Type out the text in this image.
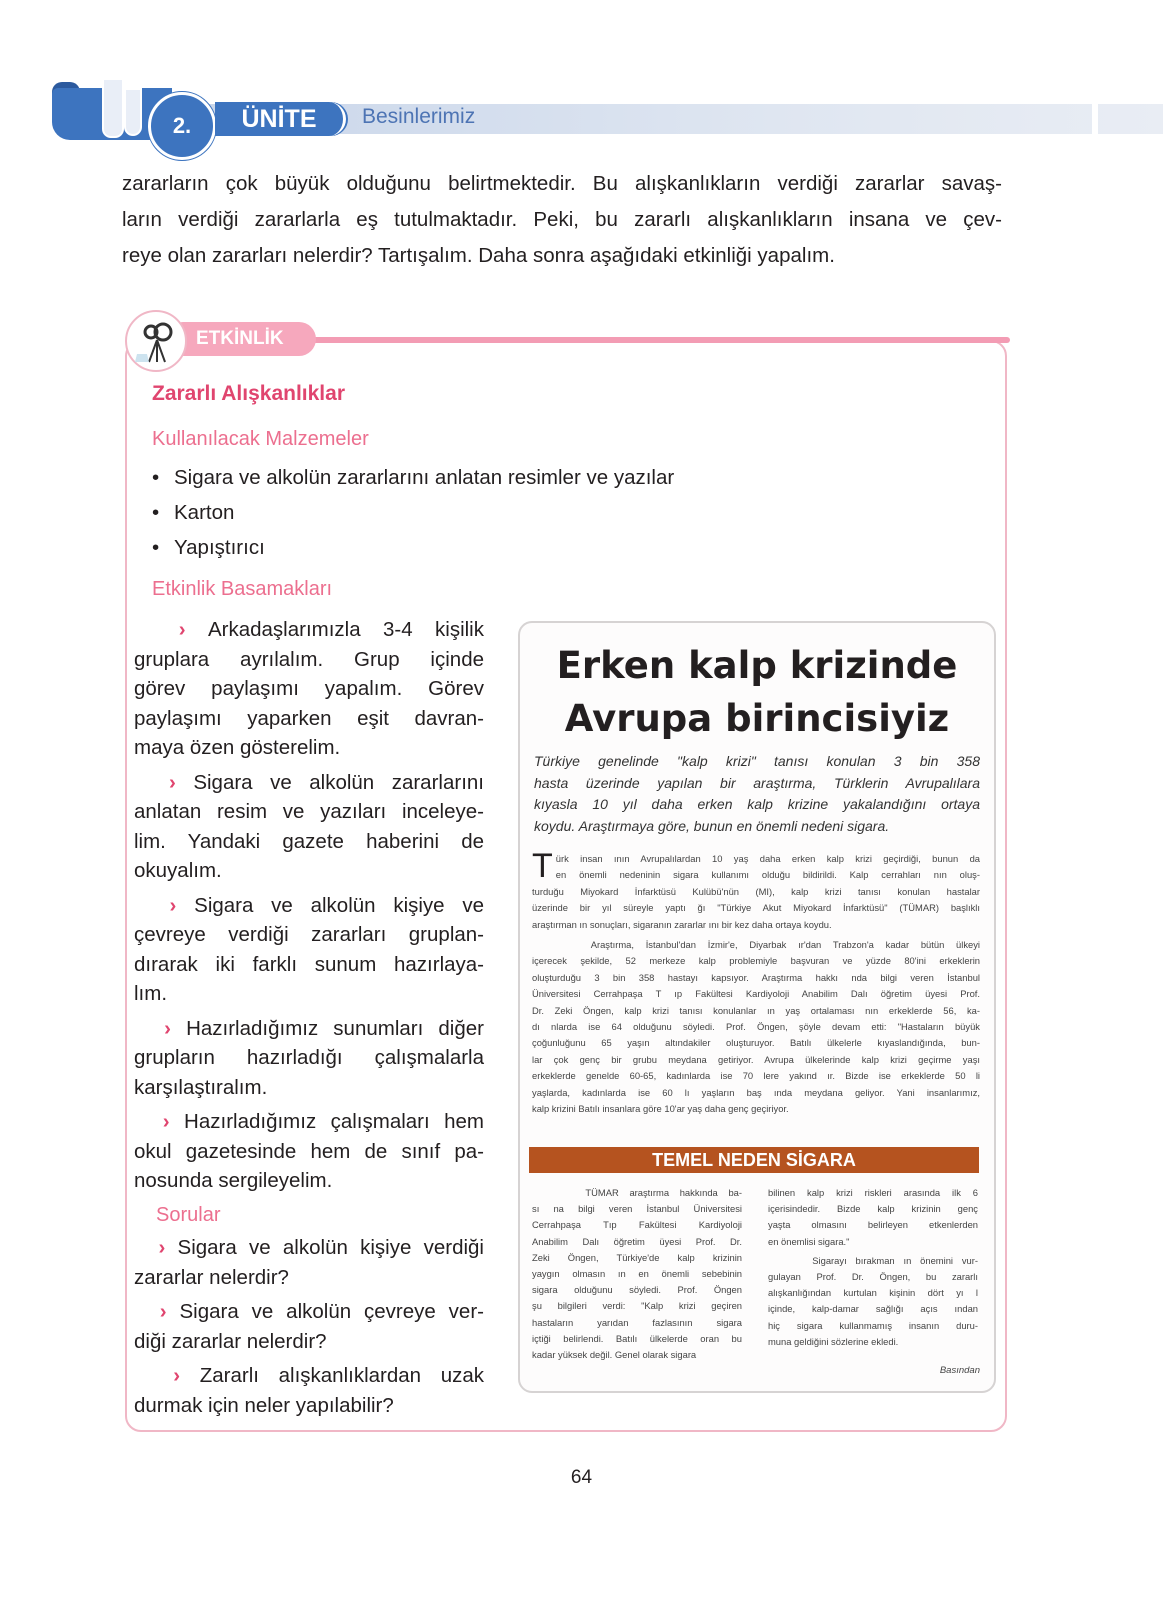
2.	ÜNİTE	Besinlerimiz
zararların çok büyük olduğunu belirtmektedir. Bu alışkanlıkların verdiği zararlar savaş-
ların verdiği zararlarla eş tutulmaktadır. Peki, bu zararlı alışkanlıkların insana ve çev-
reye olan zararları nelerdir? Tartışalım. Daha sonra aşağıdaki etkinliği yapalım.
ETKİNLİK
Zararlı Alışkanlıklar
Kullanılacak Malzemeler
• Sigara ve alkolün zararlarını anlatan resimler ve yazılar
• Karton
• Yapıştırıcı
Etkinlik Basamakları
› Arkadaşlarımızla 3-4 kişilik
gruplara ayrılalım. Grup içinde
görev paylaşımı yapalım. Görev
paylaşımı yaparken eşit davran-
maya özen gösterelim.
› Sigara ve alkolün zararlarını
anlatan resim ve yazıları inceleye-
lim. Yandaki gazete haberini de
okuyalım.
› Sigara ve alkolün kişiye ve
çevreye verdiği zararları gruplan-
dırarak iki farklı sunum hazırlaya-
lım.
› Hazırladığımız sunumları diğer
grupların hazırladığı çalışmalarla
karşılaştıralım.
› Hazırladığımız çalışmaları hem
okul gazetesinde hem de sınıf pa-
nosunda sergileyelim.
Sorular
› Sigara ve alkolün kişiye verdiği
zararlar nelerdir?
› Sigara ve alkolün çevreye ver-
diği zararlar nelerdir?
› Zararlı alışkanlıklardan uzak
durmak için neler yapılabilir?
Erken kalp krizinde
Avrupa birincisiyiz
Türkiye genelinde "kalp krizi" tanısı konulan 3 bin 358
hasta üzerinde yapılan bir araştırma, Türklerin Avrupalılara
kıyasla 10 yıl daha erken kalp krizine yakalandığını ortaya
koydu. Araştırmaya göre, bunun en önemli nedeni sigara.
T ürk insan ının Avrupalılardan 10 yaş daha erken kalp krizi geçirdiği, bunun da
en önemli nedeninin sigara kullanımı olduğu bildirildi. Kalp cerrahları nın oluş-
turduğu Miyokard İnfarktüsü Kulübü'nün (MI), kalp krizi tanısı konulan hastalar
üzerinde bir yıl süreyle yaptı ğı "Türkiye Akut Miyokard İnfarktüsü" (TÜMAR) başlıklı
araştırman ın sonuçları, sigaranın zararlar ını bir kez daha ortaya koydu.
Araştırma, İstanbul'dan İzmir'e, Diyarbak ır'dan Trabzon'a kadar bütün ülkeyi
içerecek şekilde, 52 merkeze kalp problemiyle başvuran ve yüzde 80'ini erkeklerin
oluşturduğu 3 bin 358 hastayı kapsıyor. Araştırma hakkı nda bilgi veren İstanbul
Üniversitesi Cerrahpaşa T ıp Fakültesi Kardiyoloji Anabilim Dalı öğretim üyesi Prof.
Dr. Zeki Öngen, kalp krizi tanısı konulanlar ın yaş ortalaması nın erkeklerde 56, ka-
dı nlarda ise 64 olduğunu söyledi. Prof. Öngen, şöyle devam etti: "Hastaların büyük
çoğunluğunu 65 yaşın altındakiler oluşturuyor. Batılı ülkelerle kıyaslandığında, bun-
lar çok genç bir grubu meydana getiriyor. Avrupa ülkelerinde kalp krizi geçirme yaşı
erkeklerde genelde 60-65, kadınlarda ise 70 lere yakınd ır. Bizde ise erkeklerde 50 li
yaşlarda, kadınlarda ise 60 lı yaşların baş ında meydana geliyor. Yani insanlarımız,
kalp krizini Batılı insanlara göre 10'ar yaş daha genç geçiriyor.
TEMEL NEDEN SİGARA
TÜMAR araştırma hakkında ba-
sı na bilgi veren İstanbul Üniversitesi
Cerrahpaşa Tıp Fakültesi Kardiyoloji
Anabilim Dalı öğretim üyesi Prof. Dr.
Zeki Öngen, Türkiye'de kalp krizinin
yaygın olmasın ın en önemli sebebinin
sigara olduğunu söyledi. Prof. Öngen
şu bilgileri verdi: "Kalp krizi geçiren
hastaların yarıdan fazlasının sigara
içtiği belirlendi. Batılı ülkelerde oran bu
kadar yüksek değil. Genel olarak sigara
bilinen kalp krizi riskleri arasında ilk 6
içerisindedir. Bizde kalp krizinin genç
yaşta olmasını belirleyen etkenlerden
en önemlisi sigara."
Sigarayı bırakman ın önemini vur-
gulayan Prof. Dr. Öngen, bu zararlı
alışkanlığından kurtulan kişinin dört yı l
içinde, kalp-damar sağlığı açıs ından
hiç sigara kullanmamış insanın duru-
muna geldiğini sözlerine ekledi.
Basından
64
